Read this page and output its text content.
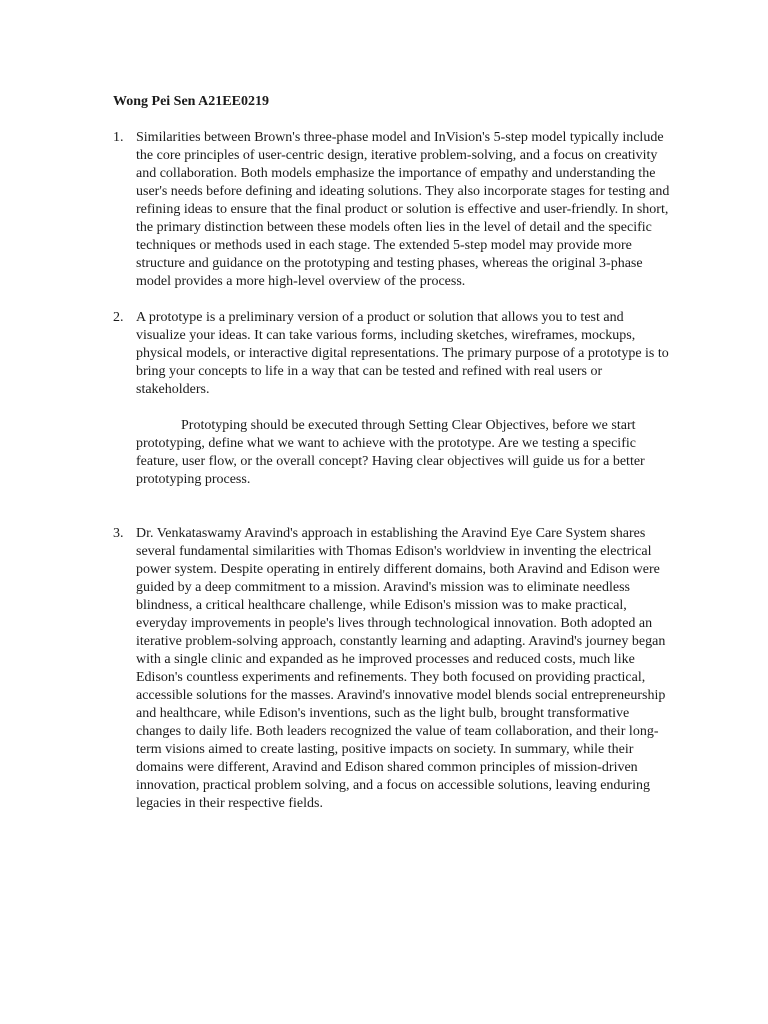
Wong Pei Sen A21EE0219

1. Similarities between Brown's three-phase model and InVision's 5-step model typically include the core principles of user-centric design, iterative problem-solving, and a focus on creativity and collaboration. Both models emphasize the importance of empathy and understanding the user's needs before defining and ideating solutions. They also incorporate stages for testing and refining ideas to ensure that the final product or solution is effective and user-friendly. In short, the primary distinction between these models often lies in the level of detail and the specific techniques or methods used in each stage. The extended 5-step model may provide more structure and guidance on the prototyping and testing phases, whereas the original 3-phase model provides a more high-level overview of the process.

2. A prototype is a preliminary version of a product or solution that allows you to test and visualize your ideas. It can take various forms, including sketches, wireframes, mockups, physical models, or interactive digital representations. The primary purpose of a prototype is to bring your concepts to life in a way that can be tested and refined with real users or stakeholders.

Prototyping should be executed through Setting Clear Objectives, before we start prototyping, define what we want to achieve with the prototype. Are we testing a specific feature, user flow, or the overall concept? Having clear objectives will guide us for a better prototyping process.

3. Dr. Venkataswamy Aravind's approach in establishing the Aravind Eye Care System shares several fundamental similarities with Thomas Edison's worldview in inventing the electrical power system. Despite operating in entirely different domains, both Aravind and Edison were guided by a deep commitment to a mission. Aravind's mission was to eliminate needless blindness, a critical healthcare challenge, while Edison's mission was to make practical, everyday improvements in people's lives through technological innovation. Both adopted an iterative problem-solving approach, constantly learning and adapting. Aravind's journey began with a single clinic and expanded as he improved processes and reduced costs, much like Edison's countless experiments and refinements. They both focused on providing practical, accessible solutions for the masses. Aravind's innovative model blends social entrepreneurship and healthcare, while Edison's inventions, such as the light bulb, brought transformative changes to daily life. Both leaders recognized the value of team collaboration, and their long-term visions aimed to create lasting, positive impacts on society. In summary, while their domains were different, Aravind and Edison shared common principles of mission-driven innovation, practical problem solving, and a focus on accessible solutions, leaving enduring legacies in their respective fields.
